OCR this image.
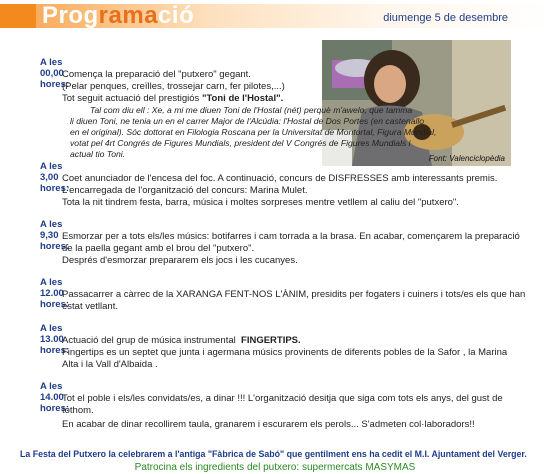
Programació	diumenge 5 de desembre
Font: Valenciclopèdia
A les 00,00 hores:
Comença la preparació del "putxero" gegant.
(Pelar penques, creïlles, trossejar carn, fer pilotes,...)
Tot seguit actuació del prestigiós "Toni de l'Hostal".
Tal com diu ell : Xe, a mi me diuen Toni de l'Hostal (nét) perquè m'awelo, que tamma
li diuen Toni, ne tenia un en el carrer Major de l'Alcúdia: l'Hostal de Dos Portes (en castenallo
en el original). Sóc dottorat en Filologia Roscana per la Universitat de Montortal, Figura Mundial,
votat pel 4rt Congrés de Figures Mundials, president del V Congrés de Figures Mundials i
actual tio Toni.
A les 3,00 hores:
Coet anunciador de l'encesa del foc. A continuació, concurs de DISFRESSES amb interessants premis.
L'encarregada de l'organització del concurs: Marina Mulet.
Tota la nit tindrem festa, barra, música i moltes sorpreses mentre vetllem al caliu del "putxero".
A les 9,30 hores:
Esmorzar per a tots els/les músics: botifarres i cam torrada a la brasa. En acabar, començarem la preparació
de la paella gegant amb el brou del "putxero".
Després d'esmorzar prepararem els jocs i les cucanyes.
A les 12.00 hores:
Passacarrer a càrrec de la XARANGA FENT-NOS L'ÀNIM, presidits per fogaters i cuiners i tots/es els que han
estat vetllant.
A les 13.00 hores:
Actuació del grup de música instrumental FINGERTIPS.
Fingertips es un septet que junta i agermana músics provinents de diferents pobles de la Safor , la Marina
Alta i la Vall d'Albaida .
A les 14.00 hores:
Tot el poble i els/les convidats/es, a dinar !!! L'organització desitja que siga com tots els anys, del gust de
tothom.
En acabar de dinar recollirem taula, granarem i escurarem els perols... S'admeten col·laboradors!!
La Festa del Putxero la celebrarem a l'antiga "Fàbrica de Sabó" que gentilment ens ha cedit el M.I. Ajuntament del Verger.
Patrocina els ingredients del putxero: supermercats MASYMAS
